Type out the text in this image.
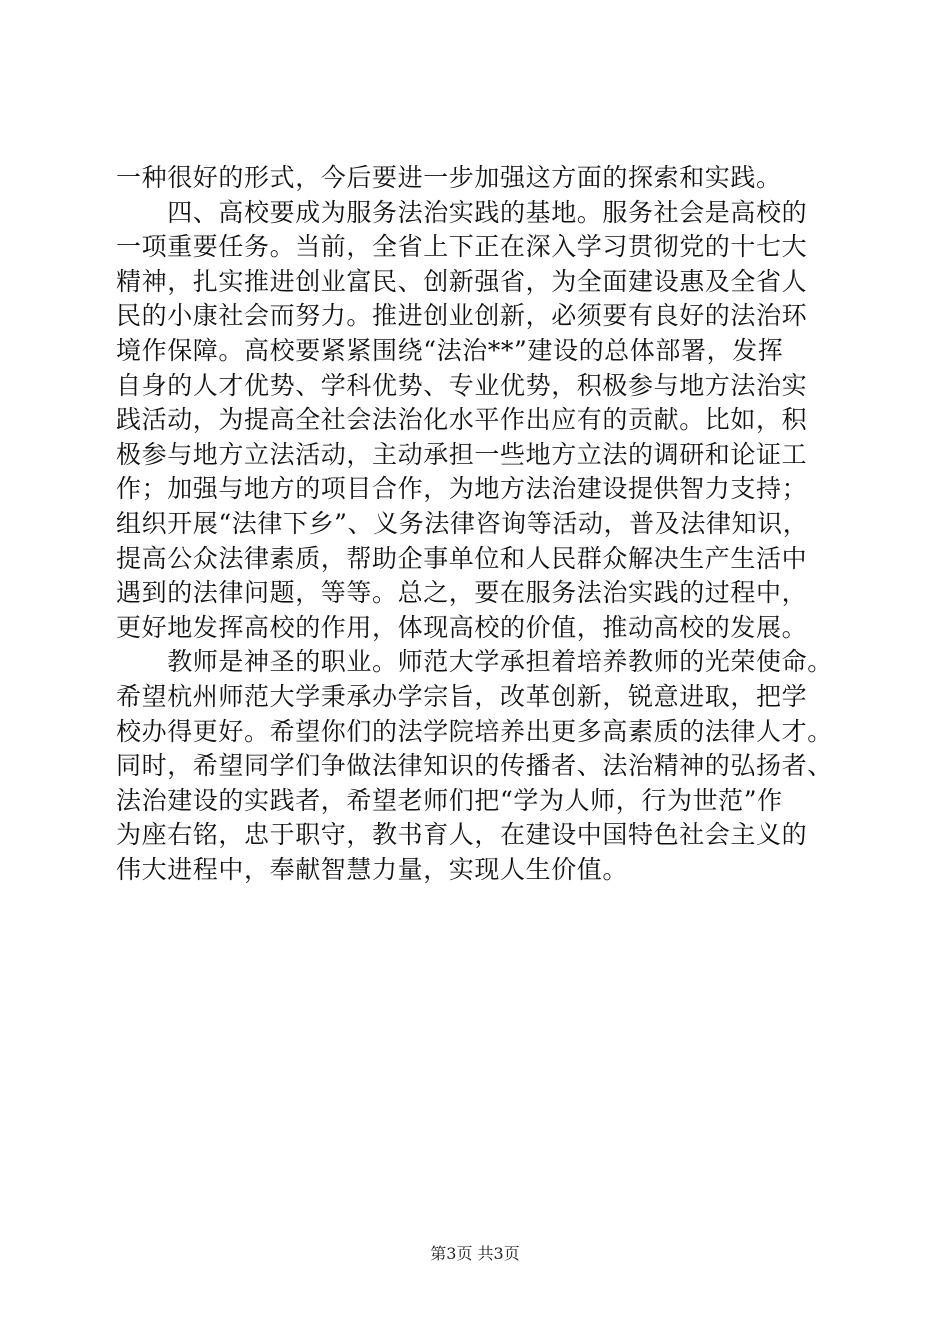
一种很好的形式，今后要进一步加强这方面的探索和实践。
　　四、高校要成为服务法治实践的基地。服务社会是高校的
一项重要任务。当前，全省上下正在深入学习贯彻党的十七大
精神，扎实推进创业富民、创新强省，为全面建设惠及全省人
民的小康社会而努力。推进创业创新，必须要有良好的法治环
境作保障。高校要紧紧围绕“法治**”建设的总体部署，发挥
自身的人才优势、学科优势、专业优势，积极参与地方法治实
践活动，为提高全社会法治化水平作出应有的贡献。比如，积
极参与地方立法活动，主动承担一些地方立法的调研和论证工
作；加强与地方的项目合作，为地方法治建设提供智力支持；
组织开展“法律下乡”、义务法律咨询等活动，普及法律知识，
提高公众法律素质，帮助企事单位和人民群众解决生产生活中
遇到的法律问题，等等。总之，要在服务法治实践的过程中，
更好地发挥高校的作用，体现高校的价值，推动高校的发展。
　　教师是神圣的职业。师范大学承担着培养教师的光荣使命。
希望杭州师范大学秉承办学宗旨，改革创新，锐意进取，把学
校办得更好。希望你们的法学院培养出更多高素质的法律人才。
同时，希望同学们争做法律知识的传播者、法治精神的弘扬者、
法治建设的实践者，希望老师们把“学为人师，行为世范”作
为座右铭，忠于职守，教书育人，在建设中国特色社会主义的
伟大进程中，奉献智慧力量，实现人生价值。
第3页 共3页
